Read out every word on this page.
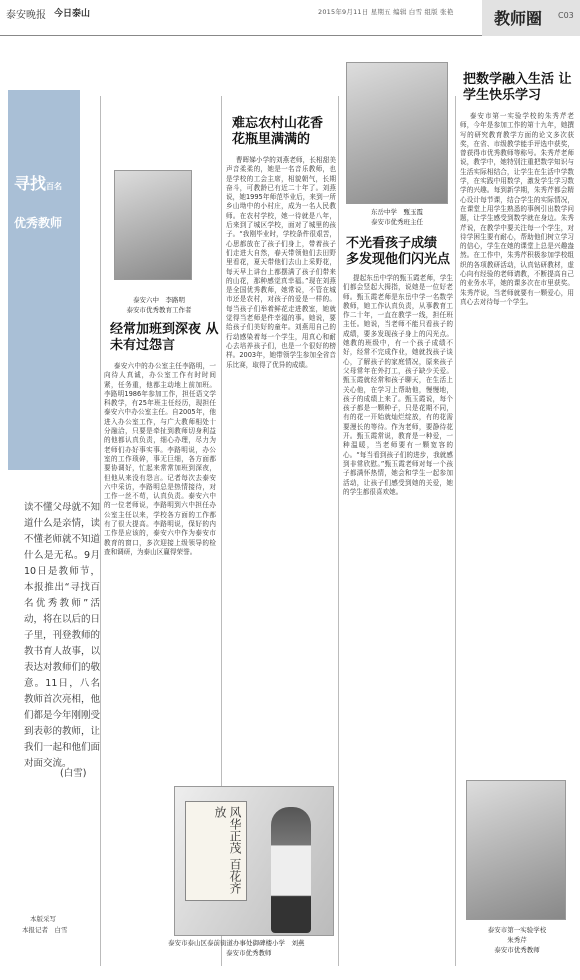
泰安晚报 今日泰山	2015年9月11日 星期五 编辑 白雪 组版 张艳	教师圈 C03
寻找百名
优秀教师
泰安六中　李路明
泰安市优秀教育工作者
经常加班到深夜 从未有过怨言
泰安六中的办公室主任李路明，一向待人真诚，办公室工作有时时间紧，任务重，他都主动地上前加班。李路明1986年参加工作，担任语文学科教学，有25年班主任经历，现担任泰安六中办公室主任。自2005年，他进入办公室工作，与广大教师相处十分融洽，只要是牵扯到教师切身利益的他都认真负责，细心办理，尽力为老师们办好事实事。李路明说，办公室的工作琐碎，事无巨细，各方面都要协调好，忙起来常常加班到深夜，但他从来没有怨言。记者每次去泰安六中采访，李路明总是热情接待，对工作一丝不苟，认真负责。泰安六中的一位老师说，李路明到六中担任办公室主任以来，学校各方面的工作都有了很大提高。李路明说，保好的内工作是应该的，泰安六中作为泰安市教育的窗口，多次迎接上级领导的检查和调研，为泰山区赢得荣誉。
读不懂父母就不知道什么是亲情，读不懂老师就不知道什么是无私。9月10日是教师节，本报推出“寻找百名优秀教师”活动，将在以后的日子里，刊登教师的教书育人故事，以表达对教师们的敬意。11日，八名教师首次亮相，他们都是今年刚刚受到表彰的教师，让我们一起和他们面对面交流。
(白雪)
本版采写
本报记者　白雪
难忘农村山花香 花瓶里满满的
曹晖娣小学的刘燕老师，长相甜美声音柔柔的，她是一名音乐教师，也是学校的工会主席，相貌朝气，长期奋斗，可教龄已有近二十年了。刘燕说，她1995年师范毕业后，来到一所乡山坳中的小村庄，成为一名人民教师。在农村学校，她一待就是八年，后来到了城区学校，面对了城里的孩子。“我刚毕业时，学校条件很艰苦，心思都放在了孩子们身上，带着孩子们走进大自然，春天带领他们去田野里看花，夏天带他们去山上采野花，每天早上讲台上都摆满了孩子们带来的山花，那种感觉真幸福。”现在刘燕是全国优秀教师，她常说，不管在城市还是农村，对孩子的爱是一样的。每当孩子们举着鲜花走进教室，她就觉得当老师是件幸福的事。她说，要给孩子们美好的童年。刘燕用自己的行动感染着每一个学生，用真心和耐心去培养孩子们，也是一个很好的榜样。2003年，她带领学生参加全省音乐比赛，取得了优异的成绩。
风华正茂 百花齐放
泰安市泰山区泰前街道办事处御碑楼小学　刘燕
泰安市优秀教师
东岳中学　甄玉霞
泰安市优秀班主任
不光看孩子成绩 多发现他们闪光点
提起东岳中学的甄玉霞老师，学生们都会竖起大拇指，说她是一位好老师。甄玉霞老师是东岳中学一名数学教师，她工作认真负责，从事教育工作二十年，一直在教学一线，担任班主任。她说，当老师不能只看孩子的成绩，要多发现孩子身上的闪光点。她教的班级中，有一个孩子成绩不好，经常不完成作业，她就找孩子谈心，了解孩子的家庭情况，原来孩子父母常年在外打工，孩子缺少关爱。甄玉霞就经常和孩子聊天，在生活上关心他，在学习上帮助他，慢慢地，孩子的成绩上来了。甄玉霞说，每个孩子都是一颗种子，只是花期不同，有的花一开始就灿烂绽放，有的花需要漫长的等待。作为老师，要静待花开。甄玉霞常说，教育是一种爱，一种温暖，当老师要有一颗宽容的心。“每当看到孩子们的进步，我就感到非常欣慰。”甄玉霞老师对每一个孩子都满怀热情，她会和学生一起参加活动，让孩子们感受到她的关爱，她的学生都很喜欢她。
把数学融入生活 让学生快乐学习
泰安市第一实验学校的朱秀芹老师，今年是参加工作的第十九年，她撰写的研究教育教学方面的论文多次获奖，在省、市级教学能手评选中获奖，曾获得市优秀教师等称号。朱秀芹老师说，教学中，她特别注重把数学知识与生活实际相结合，让学生在生活中学数学，在实践中用数学，激发学生学习数学的兴趣。每到新学期，朱秀芹都会精心设计每节课，结合学生的实际情况，在课堂上用学生熟悉的事例引出数学问题，让学生感受到数学就在身边。朱秀芹说，在教学中要关注每一个学生，对待学困生要有耐心，帮助他们树立学习的信心，学生在她的课堂上总是兴趣盎然。在工作中，朱秀芹积极参加学校组织的各项教研活动，认真钻研教材，虚心向有经验的老师请教，不断提高自己的业务水平，她的课多次在市里获奖。朱秀芹说，当老师就要有一颗爱心，用真心去对待每一个学生。
泰安市第一实验学校
朱秀芹
泰安市优秀教师
